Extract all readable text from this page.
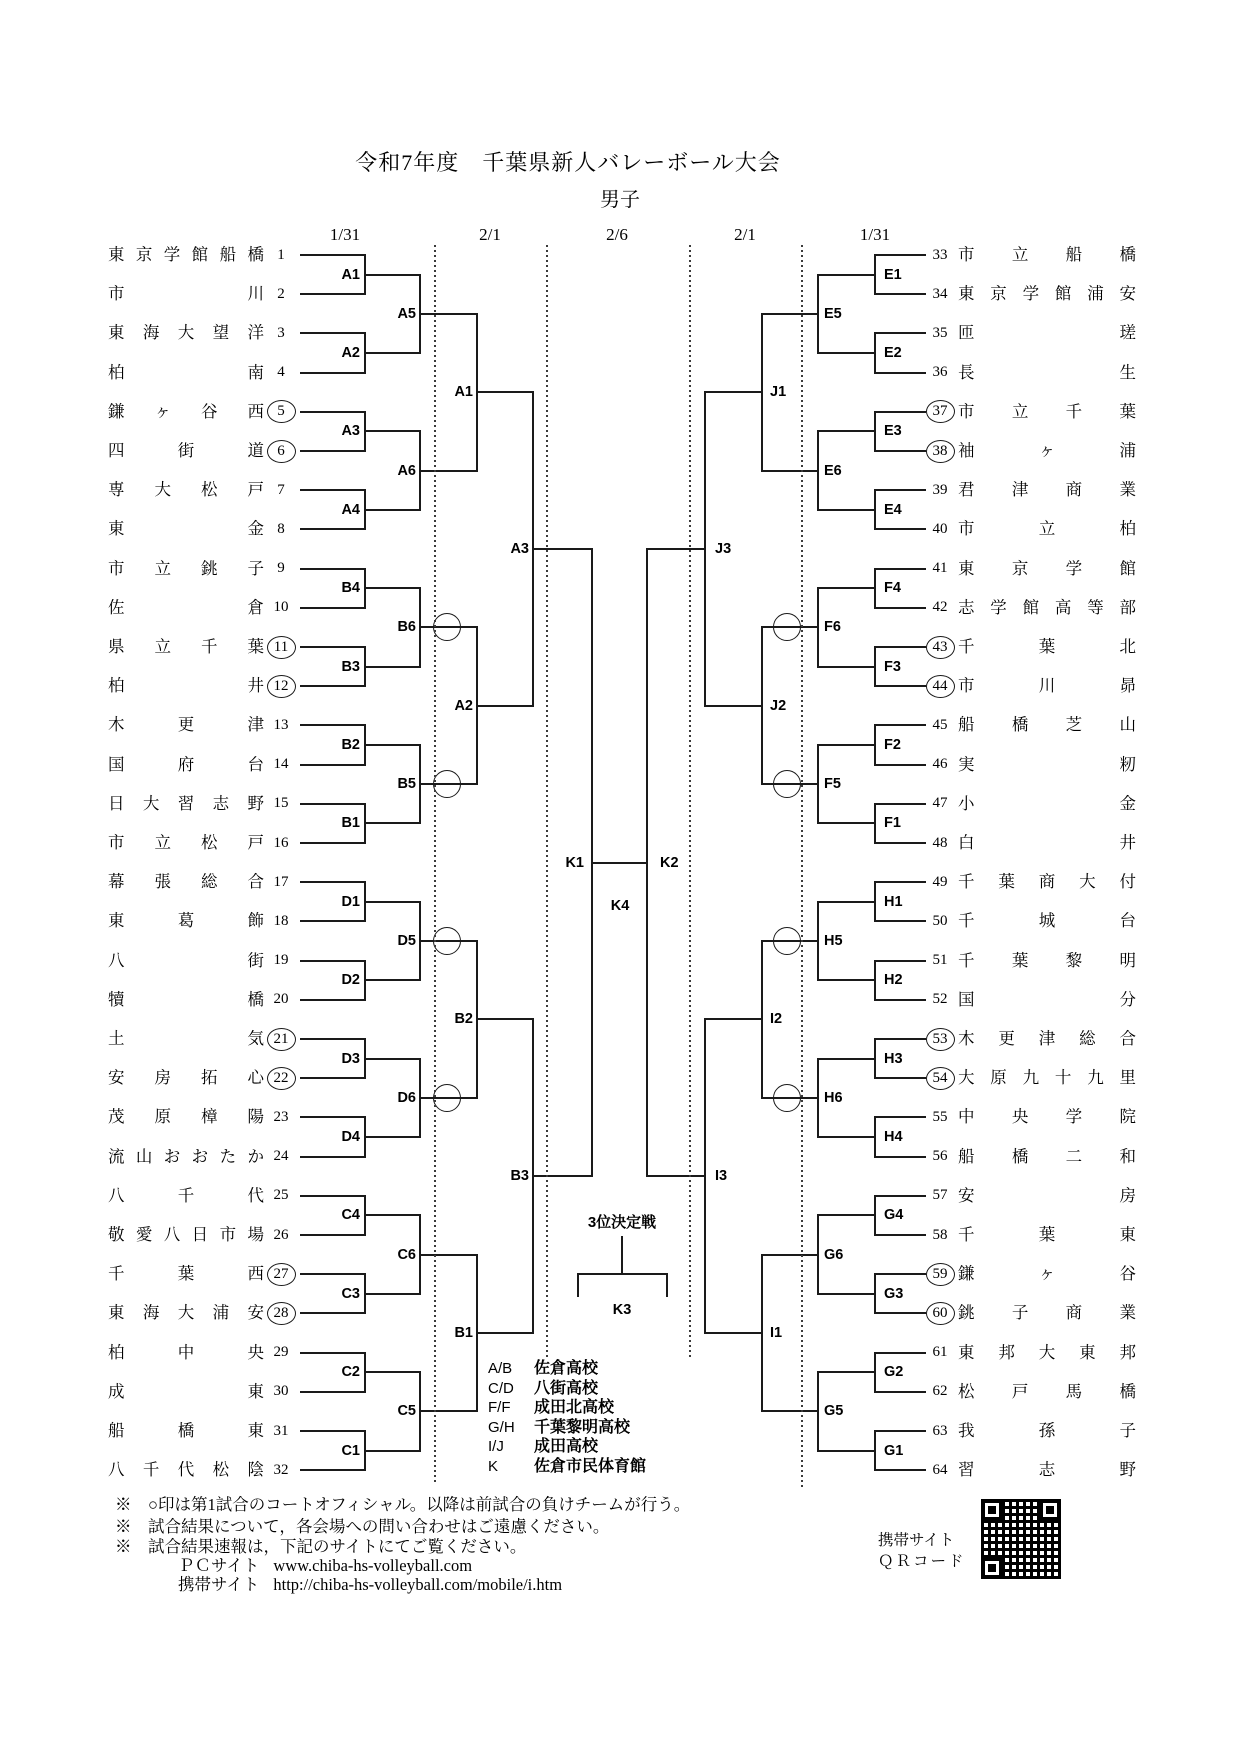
令和7年度　千葉県新人バレーボール大会
男子
東 京 学 館 船 橋 1
市	川 2
東 海 大 望 洋 3
柏	南 4
鎌 ヶ 谷 西 5
四	街	道 6
専 大 松 戸 7
東	金 8
市 立 銚 子 9
佐	倉 10
県 立 千 葉 11
柏	井 12
木	更	津 13
国	府	台 14
日 大 習 志 野 15
市 立 松 戸 16
幕 張 総 合 17
東	葛	飾 18
八	街 19
犢	橋 20
土	気 21
安 房 拓 心 22
茂 原 樟 陽 23
流 山 お お た か 24
八	千	代 25
敬 愛 八 日 市 場 26
千	葉	西 27
東 海 大 浦 安 28
柏	中	央 29
成	東 30
船	橋	東 31
八 千 代 松 陰 32
A1
A2
A3
A4
B4
B3
B2
B1
D1
D2
D3
D4
C4
C3
C2
C1
A5
A6
B6
B5
D5
D6
C6
C5
A1
A2
B2
B1
A3
B3
K1
市 立 船 橋
33
東 京 学 館 浦 安
34
匝	瑳
35
長	生
36
市 立 千 葉
37
袖	ヶ	浦
38
君 津 商 業
39
市	立	柏
40
東 京 学 館
41
志 学 館 高 等 部
42
千	葉	北
43
市	川	昴
44
船 橋 芝 山
45
実	籾
46
小	金
47
白	井
48
千 葉 商 大 付
49
千	城	台
50
千 葉 黎 明
51
国	分
52
木 更 津 総 合
53
大 原 九 十 九 里
54
中 央 学 院
55
船 橋 二 和
56
安	房
57
千	葉	東
58
鎌	ヶ	谷
59
銚 子 商 業
60
東 邦 大 東 邦
61
松 戸 馬 橋
62
我	孫	子
63
習	志	野
64
E1
E2
E3
E4
F4
F3
F2
F1
H1
H2
H3
H4
G4
G3
G2
G1
E5
E6
F6
F5
H5
H6
G6
G5
J1
J2
I2
I1
J3
I3
K2
K4
3位決定戦
K3
1/31	2/1	2/6	2/1	1/31
A/B	佐倉高校
C/D	八街高校
F/F	成田北高校
G/H	千葉黎明高校
I/J	成田高校
K	佐倉市民体育館
※　○印は第1試合のコートオフィシャル。以降は前試合の負けチームが行う。
※　試合結果について，各会場への問い合わせはご遠慮ください。
※　試合結果速報は，下記のサイトにてご覧ください。
ＰＣサイト www.chiba-hs-volleyball.com
携帯サイト http://chiba-hs-volleyball.com/mobile/i.htm
携帯サイト
ＱＲコード
